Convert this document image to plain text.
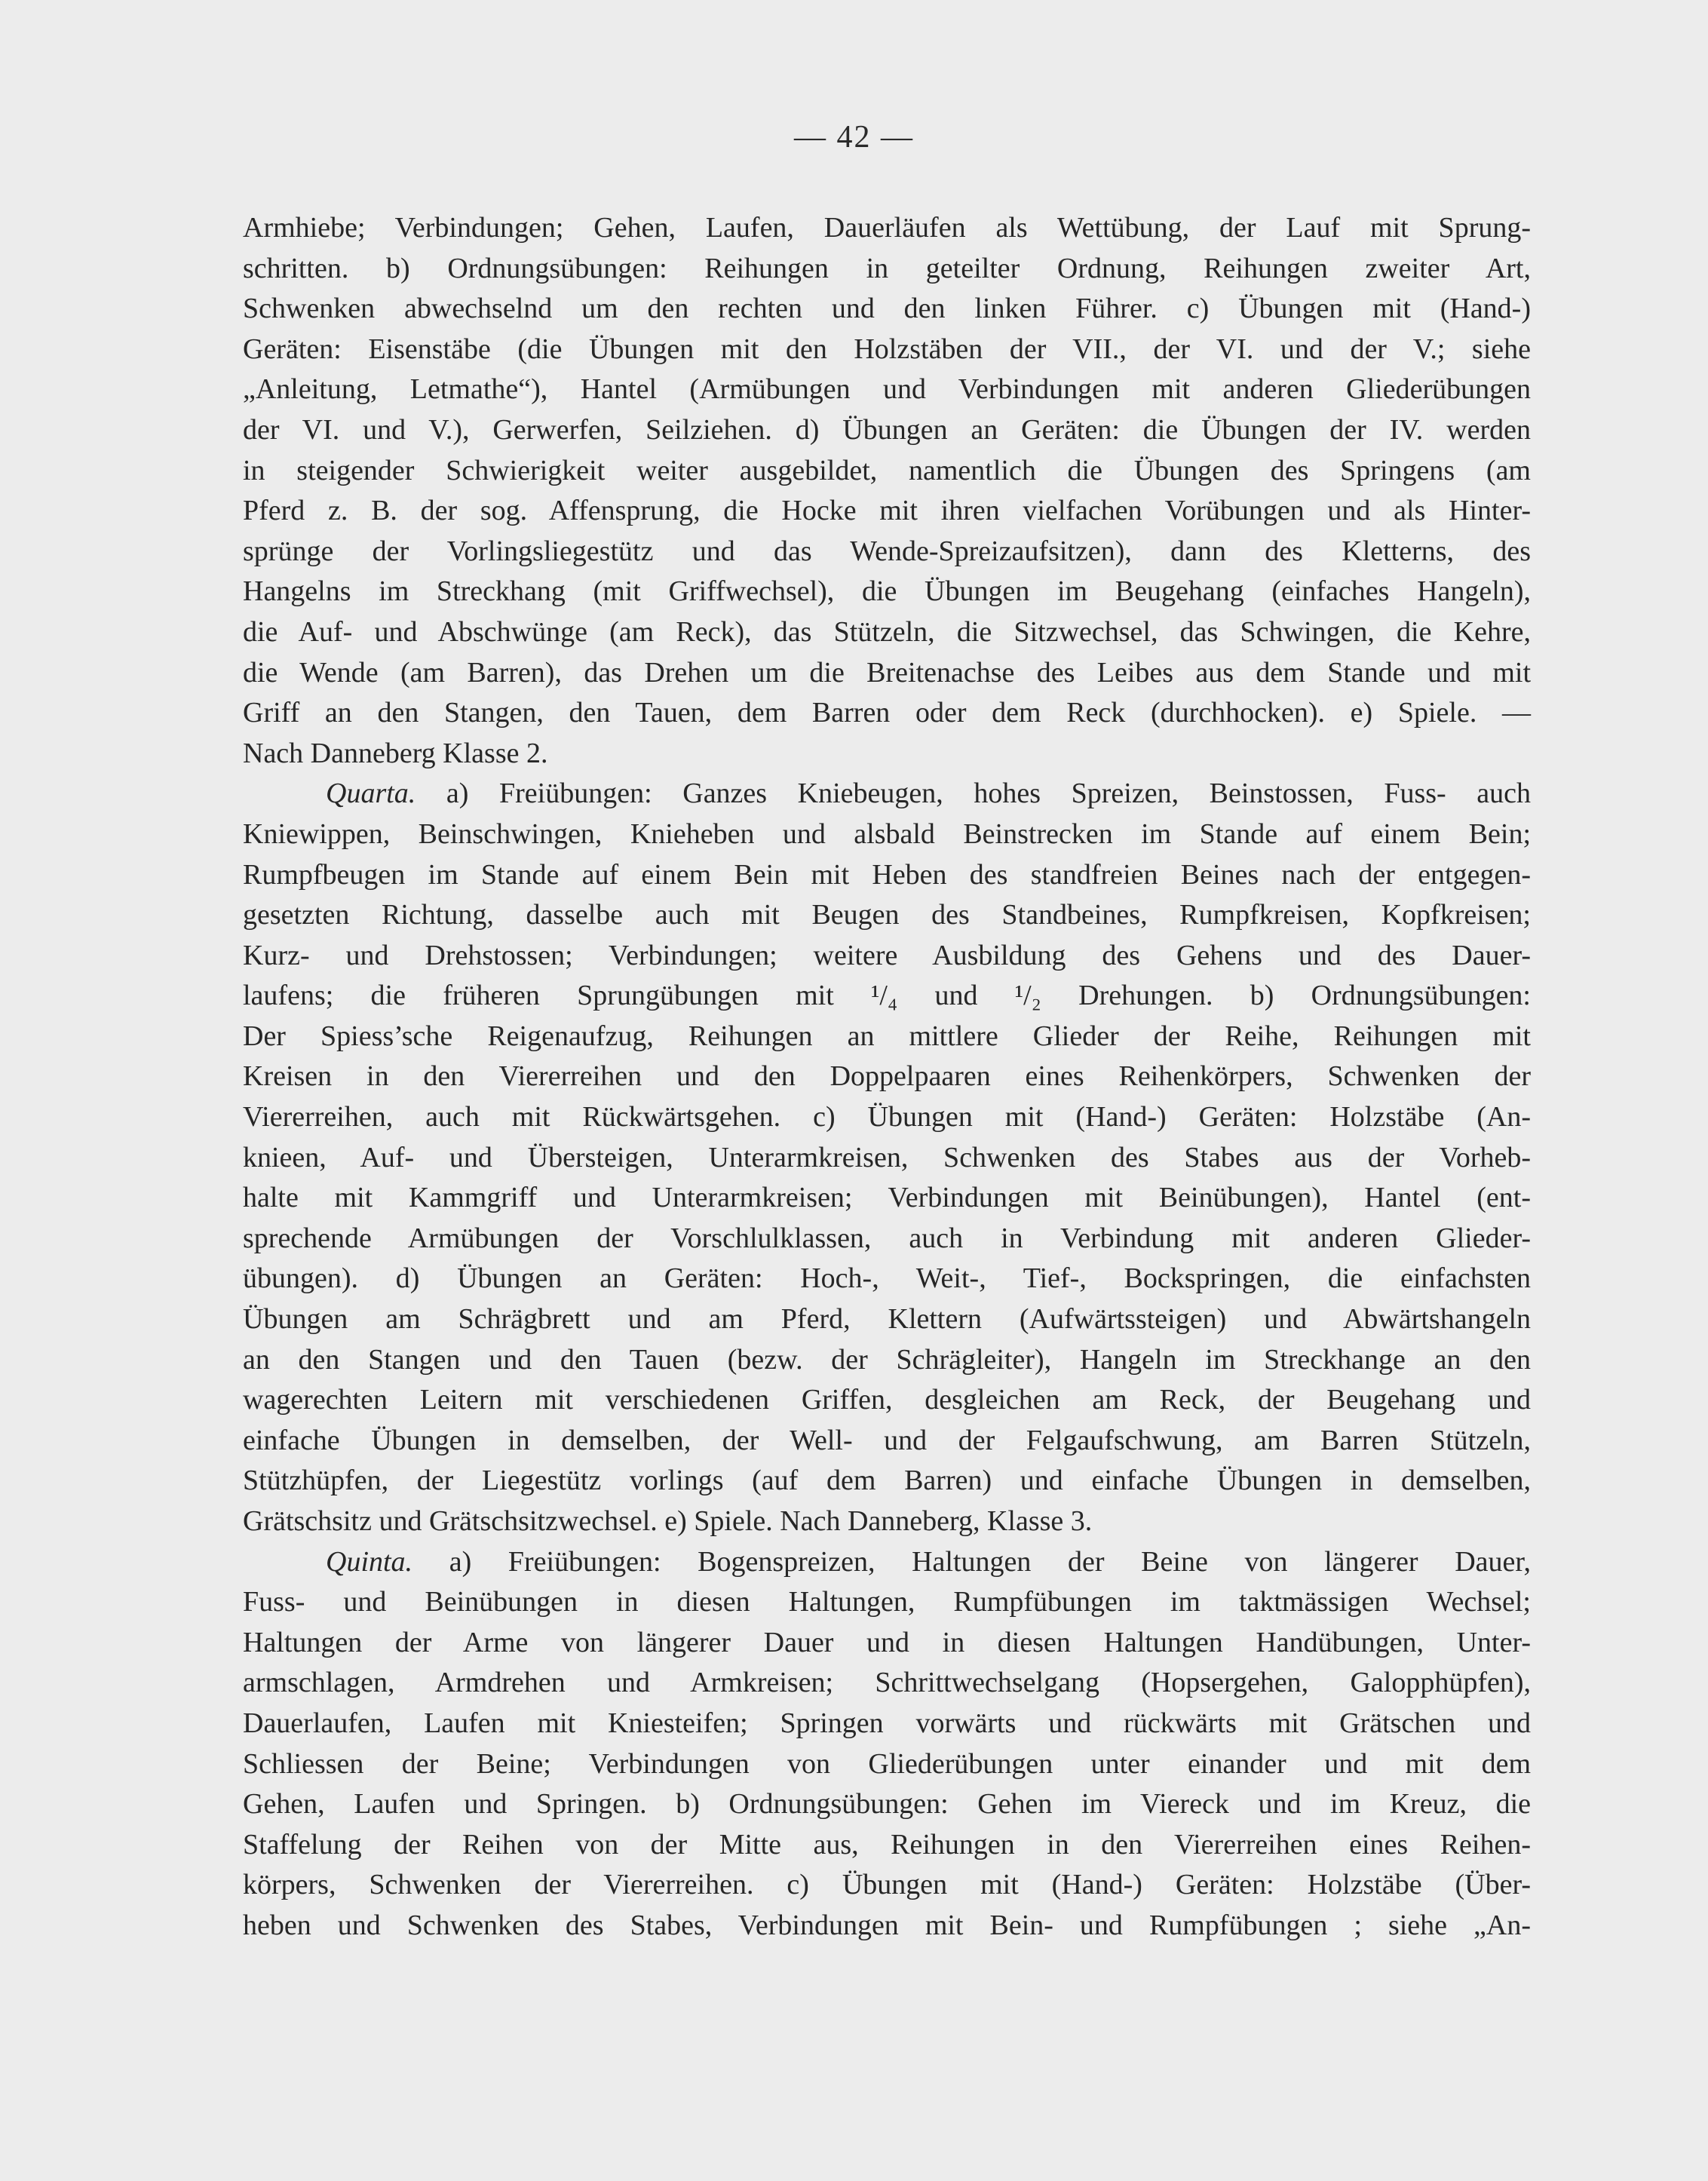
— 42 —
Armhiebe; Verbindungen; Gehen, Laufen, Dauerläufen als Wettübung, der Lauf mit Sprung-
schritten. b) Ordnungsübungen: Reihungen in geteilter Ordnung, Reihungen zweiter Art,
Schwenken abwechselnd um den rechten und den linken Führer. c) Übungen mit (Hand-)
Geräten: Eisenstäbe (die Übungen mit den Holzstäben der VII., der VI. und der V.; siehe
„Anleitung, Letmathe“), Hantel (Armübungen und Verbindungen mit anderen Gliederübungen
der VI. und V.), Gerwerfen, Seilziehen. d) Übungen an Geräten: die Übungen der IV. werden
in steigender Schwierigkeit weiter ausgebildet, namentlich die Übungen des Springens (am
Pferd z. B. der sog. Affensprung, die Hocke mit ihren vielfachen Vorübungen und als Hinter-
sprünge der Vorlingsliegestütz und das Wende-Spreizaufsitzen), dann des Kletterns, des
Hangelns im Streckhang (mit Griffwechsel), die Übungen im Beugehang (einfaches Hangeln),
die Auf- und Abschwünge (am Reck), das Stützeln, die Sitzwechsel, das Schwingen, die Kehre,
die Wende (am Barren), das Drehen um die Breitenachse des Leibes aus dem Stande und mit
Griff an den Stangen, den Tauen, dem Barren oder dem Reck (durchhocken). e) Spiele. —
Nach Danneberg Klasse 2.
Quarta. a) Freiübungen: Ganzes Kniebeugen, hohes Spreizen, Beinstossen, Fuss- auch
Kniewippen, Beinschwingen, Knieheben und alsbald Beinstrecken im Stande auf einem Bein;
Rumpfbeugen im Stande auf einem Bein mit Heben des standfreien Beines nach der entgegen-
gesetzten Richtung, dasselbe auch mit Beugen des Standbeines, Rumpfkreisen, Kopfkreisen;
Kurz- und Drehstossen; Verbindungen; weitere Ausbildung des Gehens und des Dauer-
laufens; die früheren Sprungübungen mit ¹/₄ und ¹/₂ Drehungen. b) Ordnungsübungen:
Der Spiess’sche Reigenaufzug, Reihungen an mittlere Glieder der Reihe, Reihungen mit
Kreisen in den Viererreihen und den Doppelpaaren eines Reihenkörpers, Schwenken der
Viererreihen, auch mit Rückwärtsgehen. c) Übungen mit (Hand-) Geräten: Holzstäbe (An-
knieen, Auf- und Übersteigen, Unterarmkreisen, Schwenken des Stabes aus der Vorheb-
halte mit Kammgriff und Unterarmkreisen; Verbindungen mit Beinübungen), Hantel (ent-
sprechende Armübungen der Vorschlulklassen, auch in Verbindung mit anderen Glieder-
übungen). d) Übungen an Geräten: Hoch-, Weit-, Tief-, Bockspringen, die einfachsten
Übungen am Schrägbrett und am Pferd, Klettern (Aufwärtssteigen) und Abwärtshangeln
an den Stangen und den Tauen (bezw. der Schrägleiter), Hangeln im Streckhange an den
wagerechten Leitern mit verschiedenen Griffen, desgleichen am Reck, der Beugehang und
einfache Übungen in demselben, der Well- und der Felgaufschwung, am Barren Stützeln,
Stützhüpfen, der Liegestütz vorlings (auf dem Barren) und einfache Übungen in demselben,
Grätschsitz und Grätschsitzwechsel. e) Spiele. Nach Danneberg, Klasse 3.
Quinta. a) Freiübungen: Bogenspreizen, Haltungen der Beine von längerer Dauer,
Fuss- und Beinübungen in diesen Haltungen, Rumpfübungen im taktmässigen Wechsel;
Haltungen der Arme von längerer Dauer und in diesen Haltungen Handübungen, Unter-
armschlagen, Armdrehen und Armkreisen; Schrittwechselgang (Hopsergehen, Galopphüpfen),
Dauerlaufen, Laufen mit Kniesteifen; Springen vorwärts und rückwärts mit Grätschen und
Schliessen der Beine; Verbindungen von Gliederübungen unter einander und mit dem
Gehen, Laufen und Springen. b) Ordnungsübungen: Gehen im Viereck und im Kreuz, die
Staffelung der Reihen von der Mitte aus, Reihungen in den Viererreihen eines Reihen-
körpers, Schwenken der Viererreihen. c) Übungen mit (Hand-) Geräten: Holzstäbe (Über-
heben und Schwenken des Stabes, Verbindungen mit Bein- und Rumpfübungen ; siehe „An-
